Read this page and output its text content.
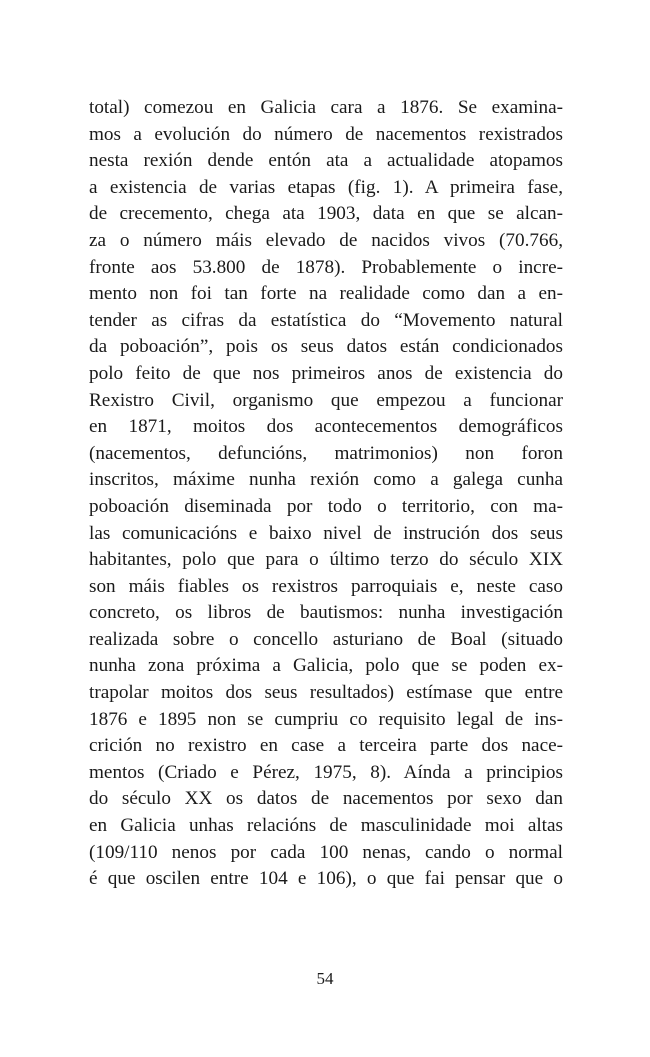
total) comezou en Galicia cara a 1876. Se examina-
mos a evolución do número de nacementos rexistrados
nesta rexión dende entón ata a actualidade atopamos
a existencia de varias etapas (fig. 1). A primeira fase,
de crecemento, chega ata 1903, data en que se alcan-
za o número máis elevado de nacidos vivos (70.766,
fronte aos 53.800 de 1878). Probablemente o incre-
mento non foi tan forte na realidade como dan a en-
tender as cifras da estatística do “Movemento natural
da poboación”, pois os seus datos están condicionados
polo feito de que nos primeiros anos de existencia do
Rexistro Civil, organismo que empezou a funcionar
en 1871, moitos dos acontecementos demográficos
(nacementos, defuncións, matrimonios) non foron
inscritos, máxime nunha rexión como a galega cunha
poboación diseminada por todo o territorio, con ma-
las comunicacións e baixo nivel de instrución dos seus
habitantes, polo que para o último terzo do século XIX
son máis fiables os rexistros parroquiais e, neste caso
concreto, os libros de bautismos: nunha investigación
realizada sobre o concello asturiano de Boal (situado
nunha zona próxima a Galicia, polo que se poden ex-
trapolar moitos dos seus resultados) estímase que entre
1876 e 1895 non se cumpriu co requisito legal de ins-
crición no rexistro en case a terceira parte dos nace-
mentos (Criado e Pérez, 1975, 8). Aínda a principios
do século XX os datos de nacementos por sexo dan
en Galicia unhas relacións de masculinidade moi altas
(109/110 nenos por cada 100 nenas, cando o normal
é que oscilen entre 104 e 106), o que fai pensar que o
54
